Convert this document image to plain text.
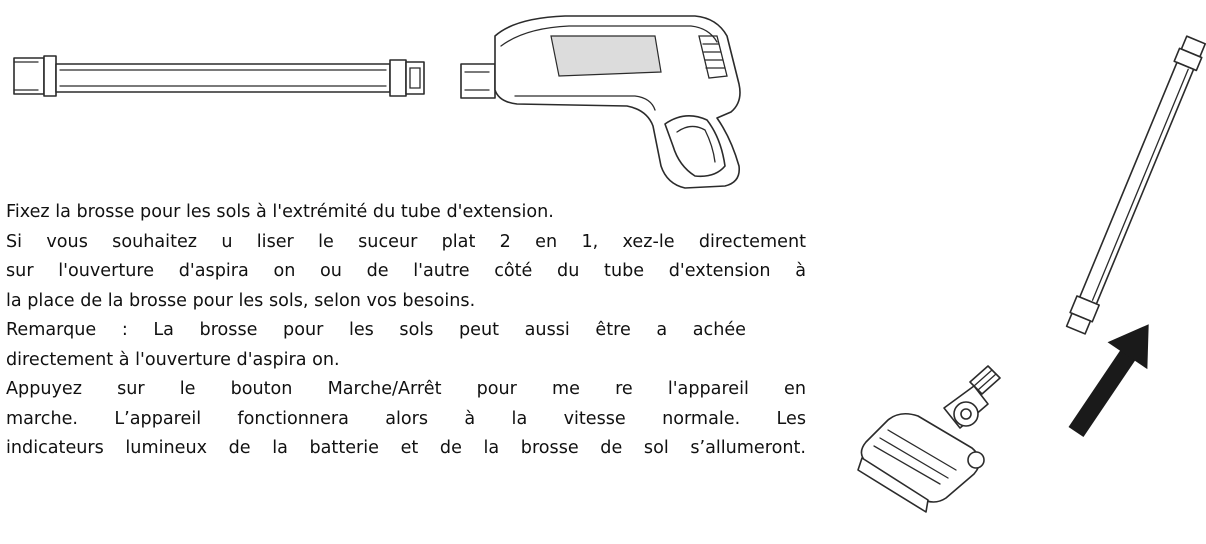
Fixez la brosse pour les sols à l'extrémité du tube d'extension.

Si vous souhaitez u liser le suceur plat 2 en 1, xez-le directement

sur l'ouverture d'aspira on ou de l'autre côté du tube d'extension à

la place de la brosse pour les sols, selon vos besoins.

Remarque : La brosse pour les sols peut aussi être a achée

directement à l'ouverture d'aspira on.

Appuyez sur le bouton Marche/Arrêt pour me re l'appareil en

marche. L’appareil fonctionnera alors à la vitesse normale. Les

indicateurs lumineux de la batterie et de la brosse de sol s’allumeront.
